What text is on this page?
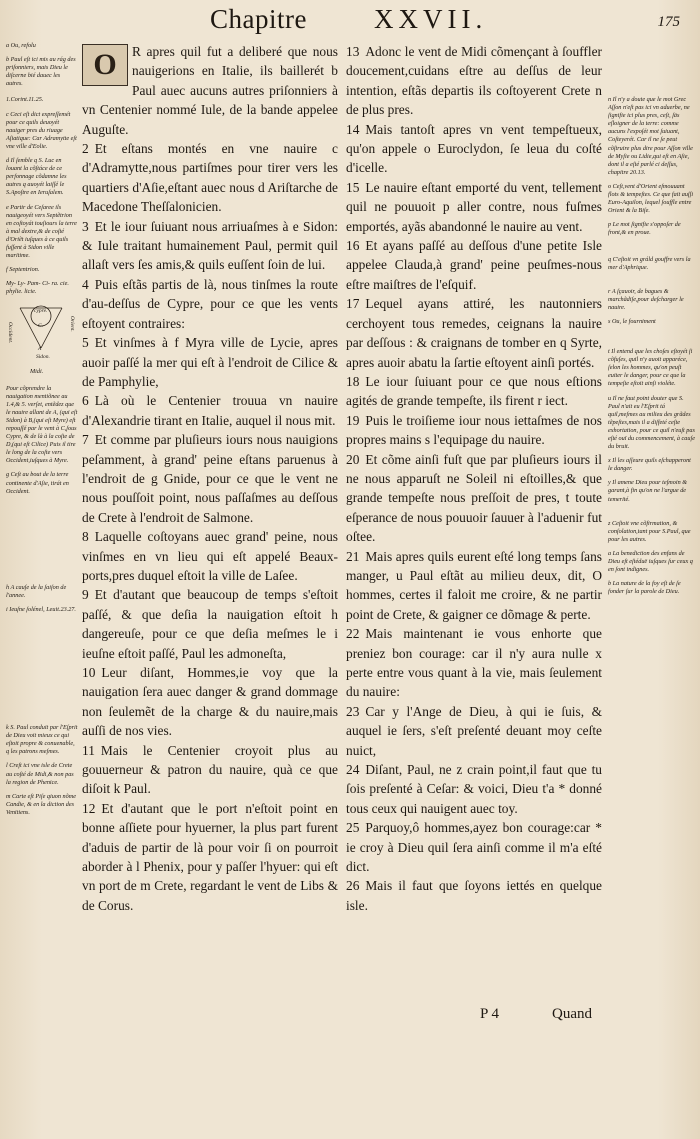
Chapitre XXVII.	175

a Ou, refolu

b Paul eſt ici mis au rág des priſonniers, mais Dieu le diſcerne bié dauec les autres.

1.Corint.11.25.

c Ceci eſt dict expreſſemét pour ce quils deuoyét nauiger pres du riuage Aſiatique: Car Adramytte eſt vne ville d'Eolie.

d Il ſemble q S. Luc en louant la cõſtáce de ce perſonnage cõdamne les autres q auoyét laiſſé le S.Apoſtre en Ieruſalem.

e Partir de Ceſaree ils nauigeoyét vers Septẽtrion en coſtoyát touſiours la terre à mal dextre,& de coſté d'Oriẽt iuſques à ce quils fuſſent à Sidon ville maritime.

f Septentrion.

My- Ly- Pam- Ci- ra. cie. phylie. licie.

cypre.
C.
A
Occident.	Orient.
Sidon.

Midi.

Pour cõprendre la nauigation mentiõnee au 1.4,& 5. verſet, entẽdez que le nauire allant de A, (qui eſt Sidon) à B,(qui eſt Myre) eſt repouſſé par le vent à C,ſous Cypre, & de là à la coſte de D,(qui eſt Cilice) Puis il tire le long de la coſte vers Occident,iuſques à Myre.

g Ceſt au bout de la terre continente d'Aſie, tirát en Occident.

h A cauſe de la ſaiſon de l'annee.

i Ieuſne ſolénel, Leuit.23.27.

k S. Paul conduit par l'Eſprit de Dieu voit mieux ce qui eſtoit propre & conuenable, q les patrons meſmes.

l Creſt ici vne isle de Crete au coſté de Midi,& non pas la region de Phenice.

m Carte eſt Piſe qiuon nõme Candie, & en la diction des Venitiens.

O	R apres quil fut a deliberé que nous nauigerions en Italie, ils baillerét b Paul auec aucuns autres priſonniers à vn Centenier nommé Iule, de la bande appelee Auguſte.

2 Et eſtans montés en vne nauire c d'Adramytte,nous partiſmes pour tirer vers les quartiers d'Aſie,eſtant auec nous d Ariſtarche de Macedone Theſſalonicien.

3 Et le iour ſuiuant nous arriuaſmes à e Sidon: & Iule traitant humainement Paul, permit quil allaſt vers ſes amis,& quils euſſent ſoin de lui.

4 Puis eſtãs partis de là, nous tinſmes la route d'au-deſſus de Cypre, pour ce que les vents eſtoyent contraires:

5 Et vinſmes à f Myra ville de Lycie, apres auoir paſſé la mer qui eſt à l'endroit de Cilice & de Pamphylie,

6 Là où le Centenier trouua vn nauire d'Alexandrie tirant en Italie, auquel il nous mit.

7 Et comme par pluſieurs iours nous nauigions peſamment, à grand' peine eſtans paruenus à l'endroit de g Gnide, pour ce que le vent ne nous pouſſoit point, nous paſſaſmes au deſſous de Crete à l'endroit de Salmone.

8 Laquelle coſtoyans auec grand' peine, nous vinſmes en vn lieu qui eſt appelé Beaux-ports,pres duquel eſtoit la ville de Laſee.

9 Et d'autant que beaucoup de temps s'eſtoit paſſé, & que deſia la nauigation eſtoit h dangereuſe, pour ce que deſia meſmes le i ieuſne eſtoit paſſé, Paul les admoneſta,

10 Leur diſant, Hommes,ie voy que la nauigation ſera auec danger & grand dommage non ſeulemẽt de la charge & du nauire,mais auſſi de nos vies.

11 Mais le Centenier croyoit plus au gouuerneur & patron du nauire, quà ce que diſoit k Paul.

12 Et d'autant que le port n'eſtoit point en bonne aſſiete pour hyuerner, la plus part furent d'aduis de partir de là pour voir ſi on pourroit aborder à l Phenix, pour y paſſer l'hyuer: qui eſt vn port de m Crete, regardant le vent de Libs & de Corus.

13 Adonc le vent de Midi cõmençant à ſouffler doucement,cuidans eſtre au deſſus de leur intention, eſtãs departis ils coſtoyerent Crete n de plus pres.

14 Mais tantoſt apres vn vent tempeſtueux, qu'on appele o Euroclydon, ſe leua du coſté d'icelle.

15 Le nauire eſtant emporté du vent, tellement quil ne pouuoit p aller contre, nous fuſmes emportés, ayãs abandonné le nauire au vent.

16 Et ayans paſſé au deſſous d'une petite Isle appelee Clauda,à grand' peine peuſmes-nous eſtre maiſtres de l'eſquif.

17 Lequel ayans attiré, les nautonniers cerchoyent tous remedes, ceignans la nauire par deſſous : & craignans de tomber en q Syrte, apres auoir abatu la ſartie eſtoyent ainſi portés.

18 Le iour ſuiuant pour ce que nous eſtions agités de grande tempeſte, ils firent r iect.

19 Puis le troiſieme iour nous iettaſmes de nos propres mains s l'equipage du nauire.

20 Et cõme ainſi fuſt que par pluſieurs iours il ne nous apparuſt ne Soleil ni eſtoilles,& que grande tempeſte nous preſſoit de pres, t toute eſperance de nous pouuoir ſauuer à l'aduenir fut oſtee.

21 Mais apres quils eurent eſté long temps ſans manger, u Paul eſtãt au milieu deux, dit, O hommes, certes il faloit me croire, & ne partir point de Crete, & gaigner ce dõmage & perte.

22 Mais maintenant ie vous enhorte que preniez bon courage: car il n'y aura nulle x perte entre vous quant à la vie, mais ſeulement du nauire:

23 Car y l'Ange de Dieu, à qui ie ſuis, & auquel ie ſers, s'eſt preſenté deuant moy ceſte nuict,

24 Diſant, Paul, ne z crain point,il faut que tu ſois preſenté à Ceſar: & voici, Dieu t'a * donné tous ceux qui nauigent auec toy.

25 Parquoy,ô hommes,ayez bon courage:car * ie croy à Dieu quil ſera ainſi comme il m'a eſté dict.

26 Mais il faut que ſoyons iettés en quelque isle.

n Il n'y a doute que le mot Grec Aſſon n'eſt pas ici vn aduerbe, ne ſignifie ici plus pres, ceſt, ſās eſloigner de la terre: comme aucuns l'expoſét mot ſuiuant, Coſteyerét. Car il ne ſe peut cõſtruire plus dire pour Aſſon ville de Myſie ou Lidie,qui eſt en Aſie, dont il a eſté parlé ci deſſus, chapitre 20.13.

o Ceſt,vent d'Orient eſmouuant flots & tempeſtes. Ce que fait auſſi Euro-Aquilon, lequel ſouffle entre Orient & la Biſe.

p Le mot ſignifie s'oppoſer de front,& en proue.

q C'eſtoit vn gráld gouffre vers la mer d'Aphrique.

r A ſçauoir, de bagues & marchãdiſe,pour deſcharger le nauire.

s Ou, le fourniment

t Il entend que les choſes eſtoyét ſi cõfuſes, quil n'y auoit apparéce, ſelon les hommes, qu'on peuſt euiter le danger, pour ce que la tempeſte eſtoit ainſi violéte.

u Il ne faut point douter que S. Paul n'ait eu l'Eſprit tá quil,meſmes au milieu des grãdes tẽpeſtes,mais il a diſfeté ceſte exhortation, pour ce quil n'euſt pas eſté ouï du commencement, à cauſe du bruit.

x Il les aſſeure quils eſchapperont le danger.

y Il amene Dieu pour teſmoin & garant,à fin qu'on ne l'argue de temerité.

z Ceſtoit vne cõfirmation, & conſolation,tant pour S.Paul, que pour les autres.

a La benediction des enfans de Dieu eſt eſtéduë iuſques ſur ceux q en ſont indignes.

b La nature de la foy eſt de ſe fonder ſur la parole de Dieu.

P 4	Quand
